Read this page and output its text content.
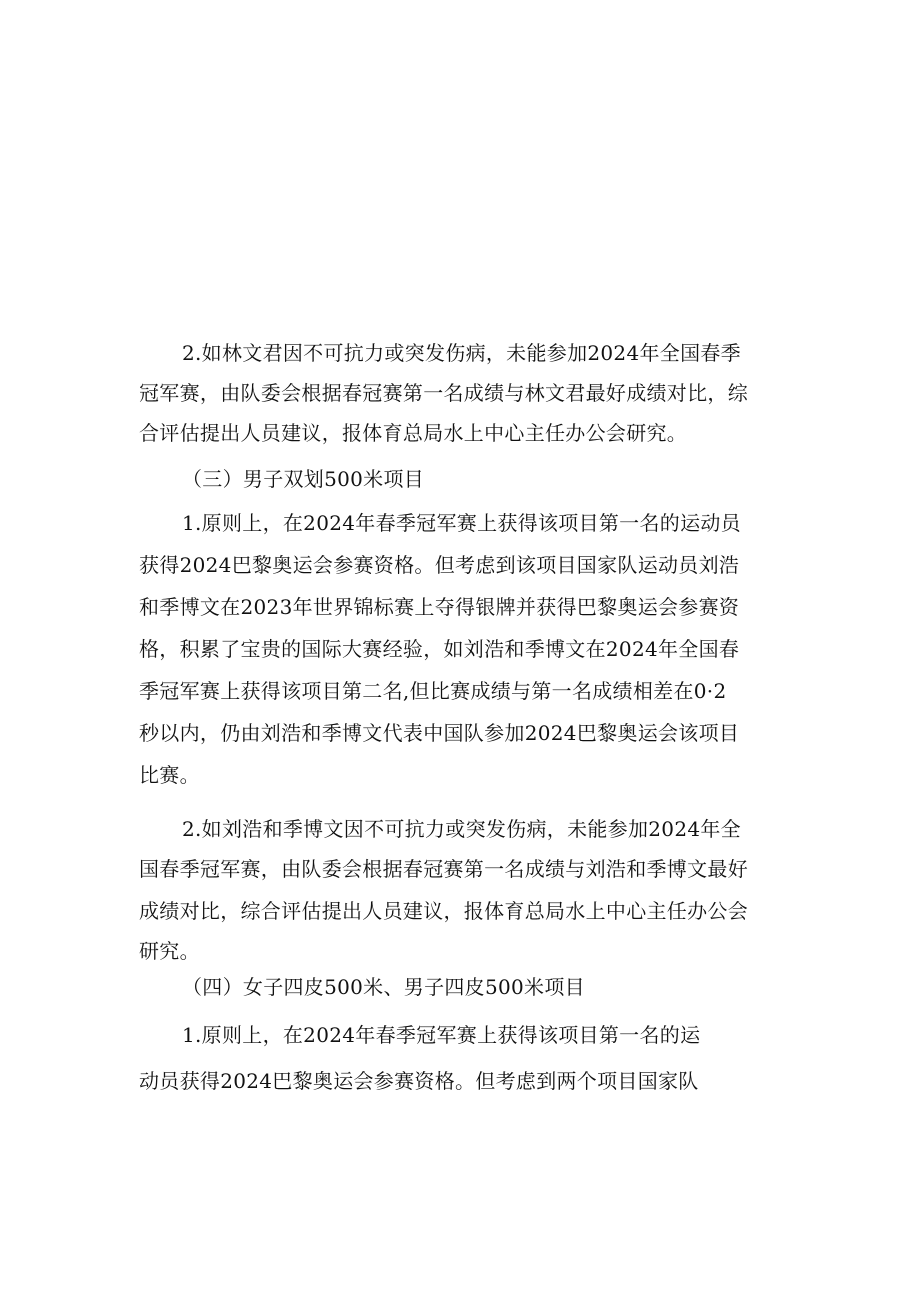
2.如林文君因不可抗力或突发伤病，未能参加2024年全国春季
冠军赛，由队委会根据春冠赛第一名成绩与林文君最好成绩对比，综
合评估提出人员建议，报体育总局水上中心主任办公会研究。
（三）男子双划500米项目
1.原则上，在2024年春季冠军赛上获得该项目第一名的运动员
获得2024巴黎奥运会参赛资格。但考虑到该项目国家队运动员刘浩
和季博文在2023年世界锦标赛上夺得银牌并获得巴黎奥运会参赛资
格，积累了宝贵的国际大赛经验，如刘浩和季博文在2024年全国春
季冠军赛上获得该项目第二名,但比赛成绩与第一名成绩相差在0·2
秒以内，仍由刘浩和季博文代表中国队参加2024巴黎奥运会该项目
比赛。
2.如刘浩和季博文因不可抗力或突发伤病，未能参加2024年全
国春季冠军赛，由队委会根据春冠赛第一名成绩与刘浩和季博文最好
成绩对比，综合评估提出人员建议，报体育总局水上中心主任办公会
研究。
（四）女子四皮500米、男子四皮500米项目
1.原则上，在2024年春季冠军赛上获得该项目第一名的运
动员获得2024巴黎奥运会参赛资格。但考虑到两个项目国家队
